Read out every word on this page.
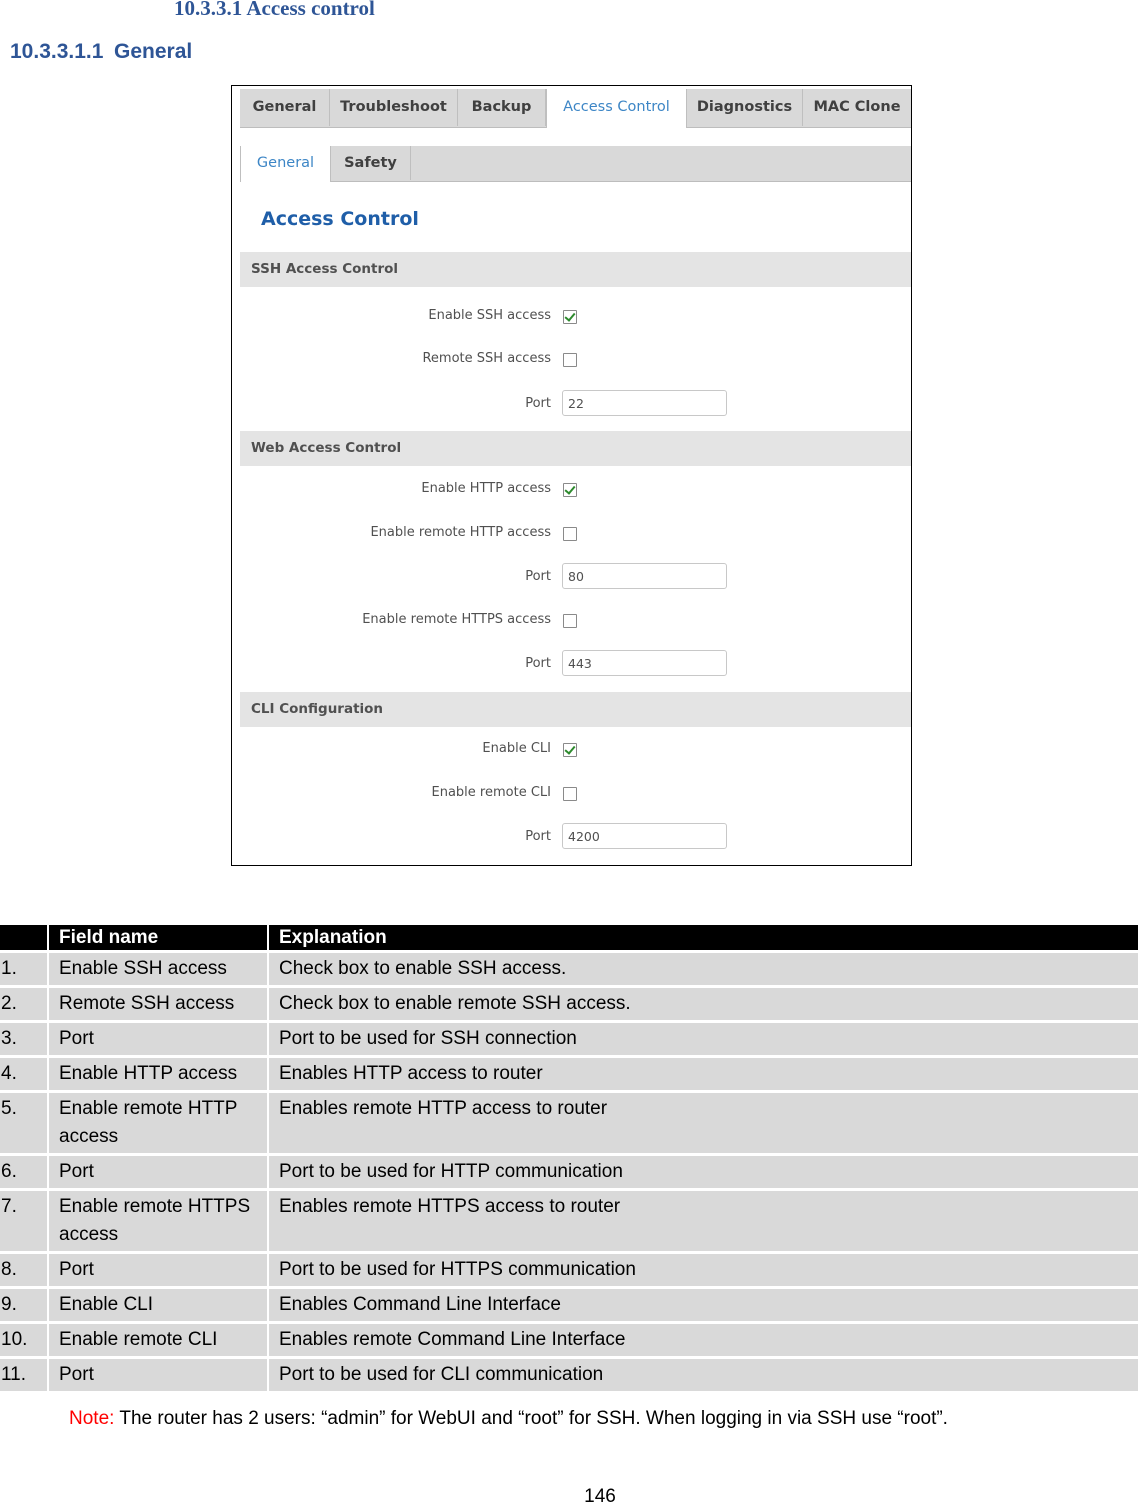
10.3.3.1 Access control
10.3.3.1.1 General
General	Troubleshoot	Backup	Access Control	Diagnostics	MAC Clone
General	Safety
Access Control
SSH Access Control
Enable SSH access
Remote SSH access
Port
22
Web Access Control
Enable HTTP access
Enable remote HTTP access
Port
80
Enable remote HTTPS access
Port
443
CLI Configuration
Enable CLI
Enable remote CLI
Port
4200
	Field name	Explanation
1.	Enable SSH access	Check box to enable SSH access.
2.	Remote SSH access	Check box to enable remote SSH access.
3.	Port	Port to be used for SSH connection
4.	Enable HTTP access	Enables HTTP access to router
5.	Enable remote HTTP access	Enables remote HTTP access to router
6.	Port	Port to be used for HTTP communication
7.	Enable remote HTTPS access	Enables remote HTTPS access to router
8.	Port	Port to be used for HTTPS communication
9.	Enable CLI	Enables Command Line Interface
10.	Enable remote CLI	Enables remote Command Line Interface
11.	Port	Port to be used for CLI communication

Note: The router has 2 users: “admin” for WebUI and “root” for SSH. When logging in via SSH use “root”.

146
